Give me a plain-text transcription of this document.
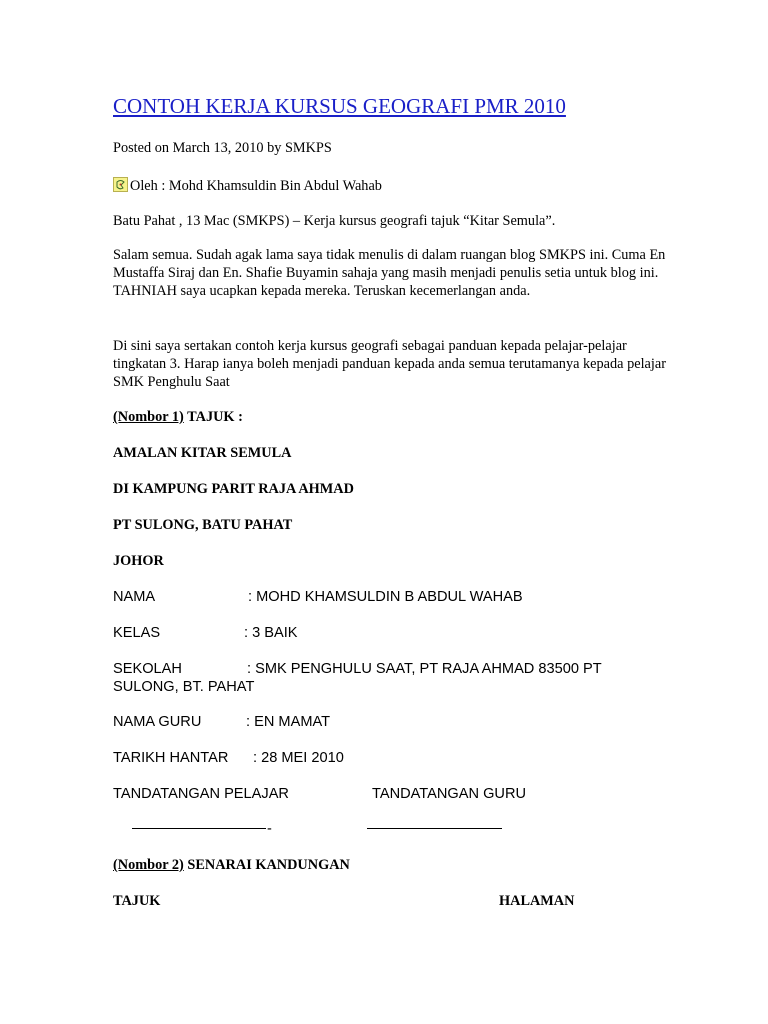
CONTOH KERJA KURSUS GEOGRAFI PMR 2010
Posted on March 13, 2010 by SMKPS
Oleh : Mohd Khamsuldin Bin Abdul Wahab
Batu Pahat , 13 Mac (SMKPS) – Kerja kursus geografi tajuk “Kitar Semula”.
Salam semua. Sudah agak lama saya tidak menulis di dalam ruangan blog SMKPS ini. Cuma En Mustaffa Siraj dan En. Shafie Buyamin sahaja yang masih menjadi penulis setia untuk blog ini. TAHNIAH saya ucapkan kepada mereka. Teruskan kecemerlangan anda.
Di sini saya sertakan contoh kerja kursus geografi sebagai panduan kepada pelajar-pelajar tingkatan 3. Harap ianya boleh menjadi panduan kepada anda semua terutamanya kepada pelajar SMK Penghulu Saat
(Nombor 1) TAJUK :
AMALAN KITAR SEMULA
DI KAMPUNG PARIT RAJA AHMAD
PT SULONG, BATU PAHAT
JOHOR
NAMA	: MOHD KHAMSULDIN B ABDUL WAHAB
KELAS	: 3 BAIK
SEKOLAH	: SMK PENGHULU SAAT, PT RAJA AHMAD 83500 PT
SULONG, BT. PAHAT
NAMA GURU	: EN MAMAT
TARIKH HANTAR : 28 MEI 2010
TANDATANGAN PELAJAR	TANDATANGAN GURU
-
(Nombor 2) SENARAI KANDUNGAN
TAJUK	HALAMAN
